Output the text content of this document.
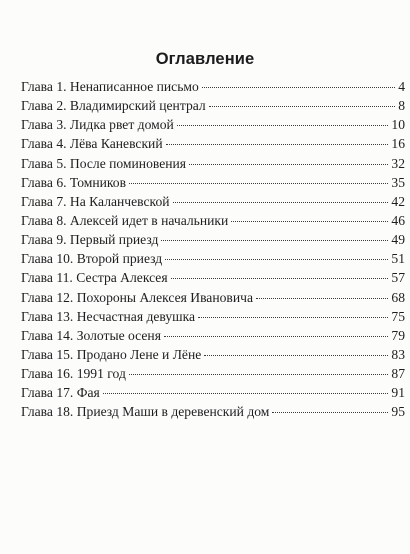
Оглавление
Глава 1. Ненаписанное письмо	4
Глава 2. Владимирский централ	8
Глава 3. Лидка рвет домой	10
Глава 4. Лёва Каневский	16
Глава 5. После поминовения	32
Глава 6. Томников	35
Глава 7. На Каланчевской	42
Глава 8. Алексей идет в начальники	46
Глава 9. Первый приезд	49
Глава 10. Второй приезд	51
Глава 11. Сестра Алексея	57
Глава 12. Похороны Алексея Ивановича	68
Глава 13. Несчастная девушка	75
Глава 14. Золотые осеня	79
Глава 15. Продано Лене и Лёне	83
Глава 16. 1991 год	87
Глава 17. Фая	91
Глава 18. Приезд Маши в деревенский дом	95
